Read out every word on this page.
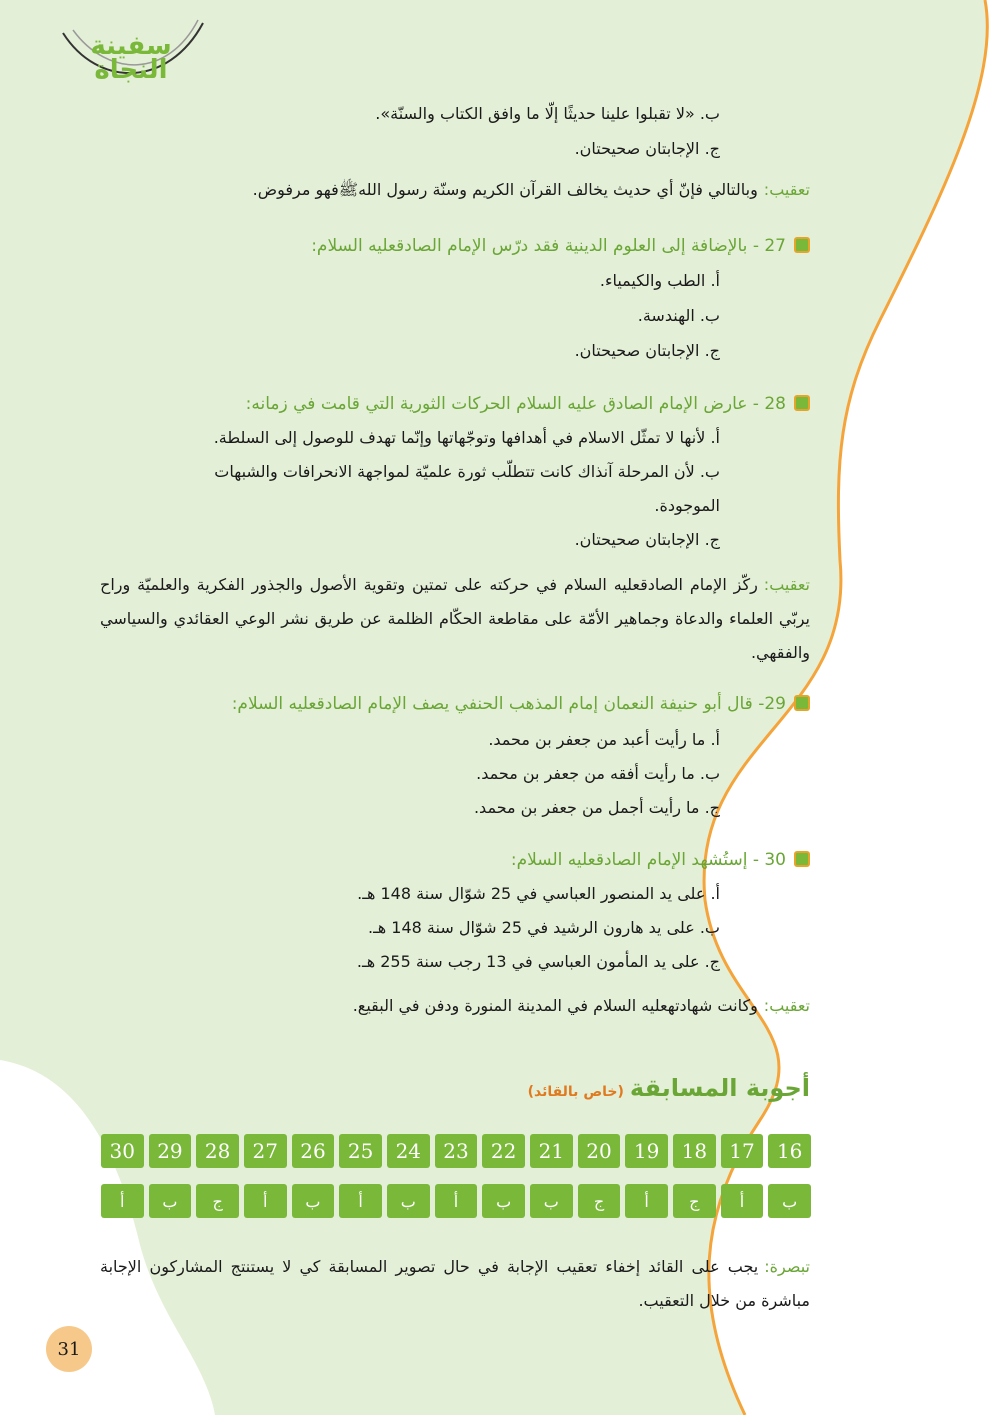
سفينة النجاة
ب. «لا تقبلوا علينا حديثًا إلّا ما وافق الكتاب والسنّة».
ج. الإجابتان صحيحتان.
تعقيب:وبالتالي فإنّ أي حديث يخالف القرآن الكريم وسنّة رسول اللهﷺفهو مرفوض.
27 - بالإضافة إلى العلوم الدينية فقد درّس الإمام الصادقعليه السلام:
أ. الطب والكيمياء.
ب. الهندسة.
ج. الإجابتان صحيحتان.
28 - عارض الإمام الصادق عليه السلام الحركات الثورية التي قامت في زمانه:
أ. لأنها لا تمثّل الاسلام في أهدافها وتوجّهاتها وإنّما تهدف للوصول إلى السلطة.
ب. لأن المرحلة آنذاك كانت تتطلّب ثورة علميّة لمواجهة الانحرافات والشبهات
الموجودة.
ج. الإجابتان صحيحتان.
تعقيب:ركّز الإمام الصادقعليه السلام في حركته على تمتين وتقوية الأصول والجذور الفكرية والعلميّة وراح يربّي العلماء والدعاة وجماهير الأمّة على مقاطعة الحكّام الظلمة عن طريق نشر الوعي العقائدي والسياسي والفقهي.
29- قال أبو حنيفة النعمان إمام المذهب الحنفي يصف الإمام الصادقعليه السلام:
أ. ما رأيت أعبد من جعفر بن محمد.
ب. ما رأيت أفقه من جعفر بن محمد.
ج. ما رأيت أجمل من جعفر بن محمد.
30 - إستُشهد الإمام الصادقعليه السلام:
أ. على يد المنصور العباسي في 25 شوّال سنة 148 هـ.
ب. على يد هارون الرشيد في 25 شوّال سنة 148 هـ.
ج. على يد المأمون العباسي في 13 رجب سنة 255 هـ.
تعقيب:وكانت شهادتهعليه السلام في المدينة المنورة ودفن في البقيع.
أجوبة المسابقة(خاص بالقائد)
16
17
18
19
20
21
22
23
24
25
26
27
28
29
30
ب
أ
ج
أ
ج
ب
ب
أ
ب
أ
ب
أ
ج
ب
أ
تبصرة:يجب على القائد إخفاء تعقيب الإجابة في حال تصوير المسابقة كي لا يستنتج المشاركون الإجابة مباشرة من خلال التعقيب.
31
